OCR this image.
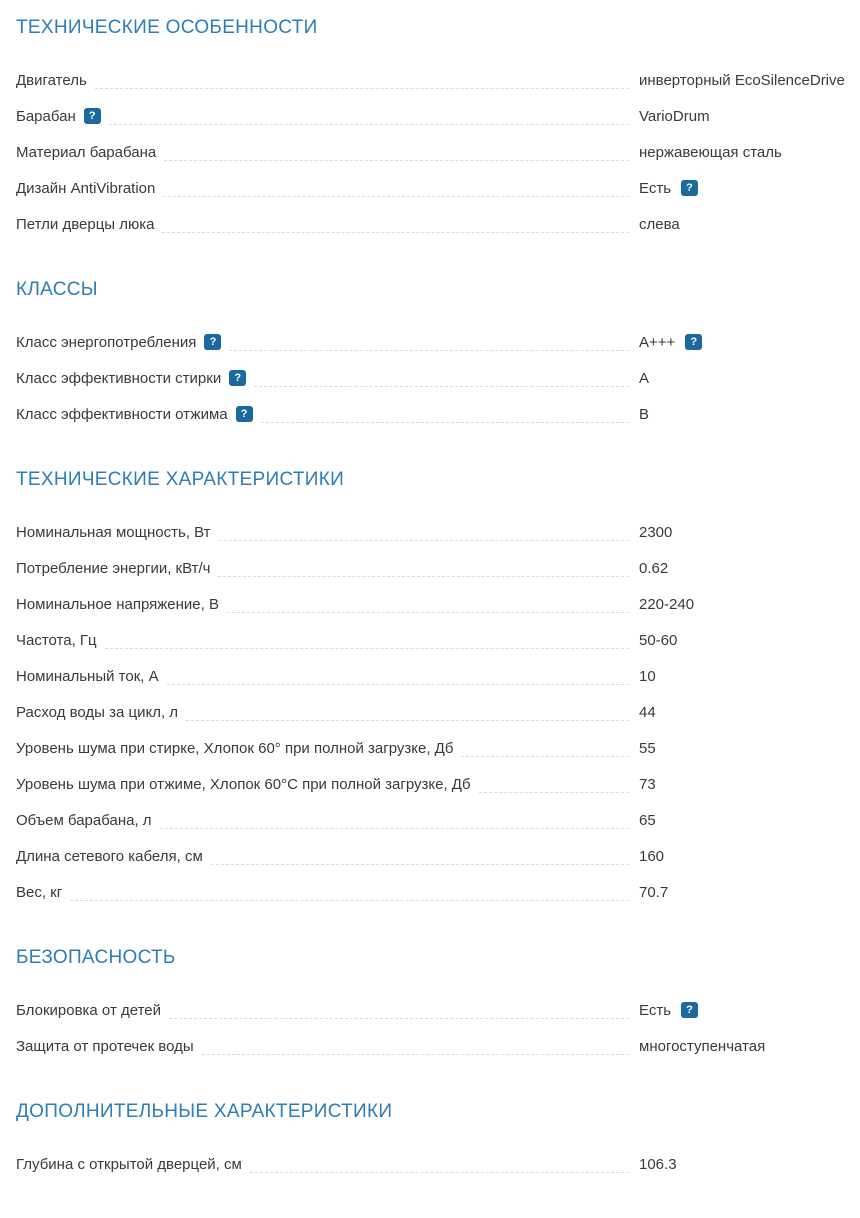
ТЕХНИЧЕСКИЕ ОСОБЕННОСТИ
Двигатель	инверторный EcoSilenceDrive
Барабан	?	VarioDrum
Материал барабана	нержавеющая сталь
Дизайн AntiVibration	Есть	?
Петли дверцы люка	слева
КЛАССЫ
Класс энергопотребления	?	A+++	?
Класс эффективности стирки	?	A
Класс эффективности отжима	?	B
ТЕХНИЧЕСКИЕ ХАРАКТЕРИСТИКИ
Номинальная мощность, Вт	2300
Потребление энергии, кВт/ч	0.62
Номинальное напряжение, В	220-240
Частота, Гц	50-60
Номинальный ток, А	10
Расход воды за цикл, л	44
Уровень шума при стирке, Хлопок 60° при полной загрузке, Дб	55
Уровень шума при отжиме, Хлопок 60°С при полной загрузке, Дб	73
Объем барабана, л	65
Длина сетевого кабеля, см	160
Вес, кг	70.7
БЕЗОПАСНОСТЬ
Блокировка от детей	Есть	?
Защита от протечек воды	многоступенчатая
ДОПОЛНИТЕЛЬНЫЕ ХАРАКТЕРИСТИКИ
Глубина с открытой дверцей, см	106.3
